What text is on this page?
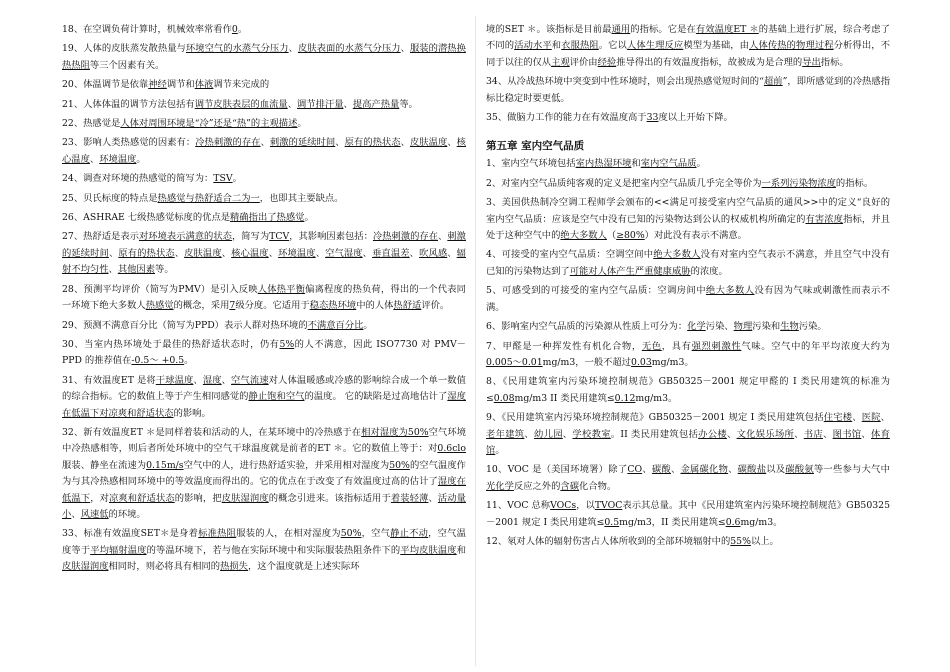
18、在空调负荷计算时，机械效率常看作0。

19、人体的皮肤蒸发散热量与环境空气的水蒸气分压力、皮肤表面的水蒸气分压力、服装的潜热换热热阻等三个因素有关。

20、体温调节是依靠神经调节和体液调节来完成的

21、人体体温的调节方法包括有调节皮肤表层的血流量、调节排汗量、提高产热量等。

22、热感觉是人体对周围环境是“冷”还是“热”的主观描述。

23、影响人类热感觉的因素有：冷热刺激的存在、刺激的延续时间、原有的热状态、皮肤温度、核心温度、环境温度。

24、调查对环境的热感觉的简写为：TSV。

25、贝氏标度的特点是热感觉与热舒适合二为一，也即其主要缺点。

26、ASHRAE 七级热感觉标度的优点是精确指出了热感觉。

27、热舒适是表示对环境表示满意的状态，简写为TCV，其影响因素包括：冷热刺激的存在、刺激的延续时间、原有的热状态、皮肤温度、核心温度、环境温度、空气湿度、垂直温差、吹风感、辐射不均匀性、其他因素等。

28、预测平均评价（简写为PMV）是引入反映人体热平衡偏离程度的热负荷，得出的一个代表同一环境下绝大多数人热感觉的概念，采用7级分度。它适用于稳态热环境中的人体热舒适评价。

29、预测不满意百分比（简写为PPD）表示人群对热环境的不满意百分比。

30、当室内热环境处于最佳的热舒适状态时，仍有5%的人不满意，因此 ISO7730 对 PMV－PPD 的推荐值在-0.5～ +0.5。

31、有效温度ET 是将干球温度、湿度、空气流速对人体温暖感或冷感的影响综合成一个单一数值的综合指标。它的数值上等于产生相同感觉的静止饱和空气的温度。 它的缺陷是过高地估计了湿度在低温下对凉爽和舒适状态的影响。

32、新有效温度ET ＊是同样着装和活动的人，在某环境中的冷热感于在相对湿度为50%空气环境中冷热感相等，则后者所处环境中的空气干球温度就是前者的ET ＊。它的数值上等于：对0.6clo服装、静坐在流速为0.15m/s空气中的人，进行热舒适实验，并采用相对湿度为50%的空气温度作为与其冷热感相同环境中的等效温度而得出的。它的优点在于改变了有效温度过高的估计了湿度在低温下，对凉爽和舒适状态的影响，把皮肤湿润度的概念引进来。该指标适用于着装轻薄、活动量小、风速低的环境。

33、标准有效温度SET＊是身着标准热阻服装的人，在相对湿度为50%，空气静止不动，空气温度等于平均辐射温度的等温环境下，若与他在实际环境中和实际服装热阻条件下的平均皮肤温度和皮肤湿润度相同时，则必将具有相同的热损失，这个温度就是上述实际环

境的SET ＊。该指标是目前最通用的指标。它是在有效温度ET ＊的基础上进行扩展，综合考虑了不同的活动水平和衣服热阻。它以人体生理反应模型为基础，由人体传热的物理过程分析得出，不同于以往的仅从主观评价由经验推导得出的有效温度指标，故被成为是合理的导出指标。

34、从冷战热环境中突变到中性环境时，则会出现热感觉短时间的“超前”，即所感觉到的冷热感指标比稳定时要更低。

35、做脑力工作的能力在有效温度高于33度以上开始下降。

第五章 室内空气品质

1、室内空气环境包括室内热湿环境和室内空气品质。

2、对室内空气品质纯客观的定义是把室内空气品质几乎完全等价为一系列污染物浓度的指标。

3、美国供热制冷空调工程师学会颁布的<<满足可接受室内空气品质的通风>>中的定义“良好的室内空气品质：应该是空气中没有已知的污染物达到公认的权威机构所确定的有害浓度指标，并且处于这种空气中的绝大多数人（≥80%）对此没有表示不满意。

4、可接受的室内空气品质：空调空间中绝大多数人没有对室内空气表示不满意，并且空气中没有已知的污染物达到了可能对人体产生严重健康威胁的浓度。

5、可感受到的可接受的室内空气品质：空调房间中绝大多数人没有因为气味或刺激性而表示不满。

6、影响室内空气品质的污染源从性质上可分为：化学污染、物理污染和生物污染。

7、甲醛是一种挥发性有机化合物，无色，具有强烈刺激性气味。空气中的年平均浓度大约为0.005～0.01mg/m3，一般不超过0.03mg/m3。

8、《民用建筑室内污染环境控制规范》GB50325－2001 规定甲醛的 I 类民用建筑的标准为≤0.08mg/m3 II 类民用建筑≤0.12mg/m3。

9、《民用建筑室内污染环境控制规范》GB50325－2001 规定 I 类民用建筑包括住宅楼、医院、老年建筑、幼儿园、学校教室。II 类民用建筑包括办公楼、文化娱乐场所、书店、图书馆、体育馆。

10、VOC 是（美国环境署）除了CO、碳酸、金属碳化物、碳酸盐以及碳酸氨等一些参与大气中光化学反应之外的含碳化合物。

11、VOC 总称VOCs，以TVOC表示其总量。其中《民用建筑室内污染环境控制规范》GB50325－2001 规定 I 类民用建筑≤0.5mg/m3，II 类民用建筑≤0.6mg/m3。

12、氡对人体的辐射伤害占人体所收到的全部环境辐射中的55%以上。
